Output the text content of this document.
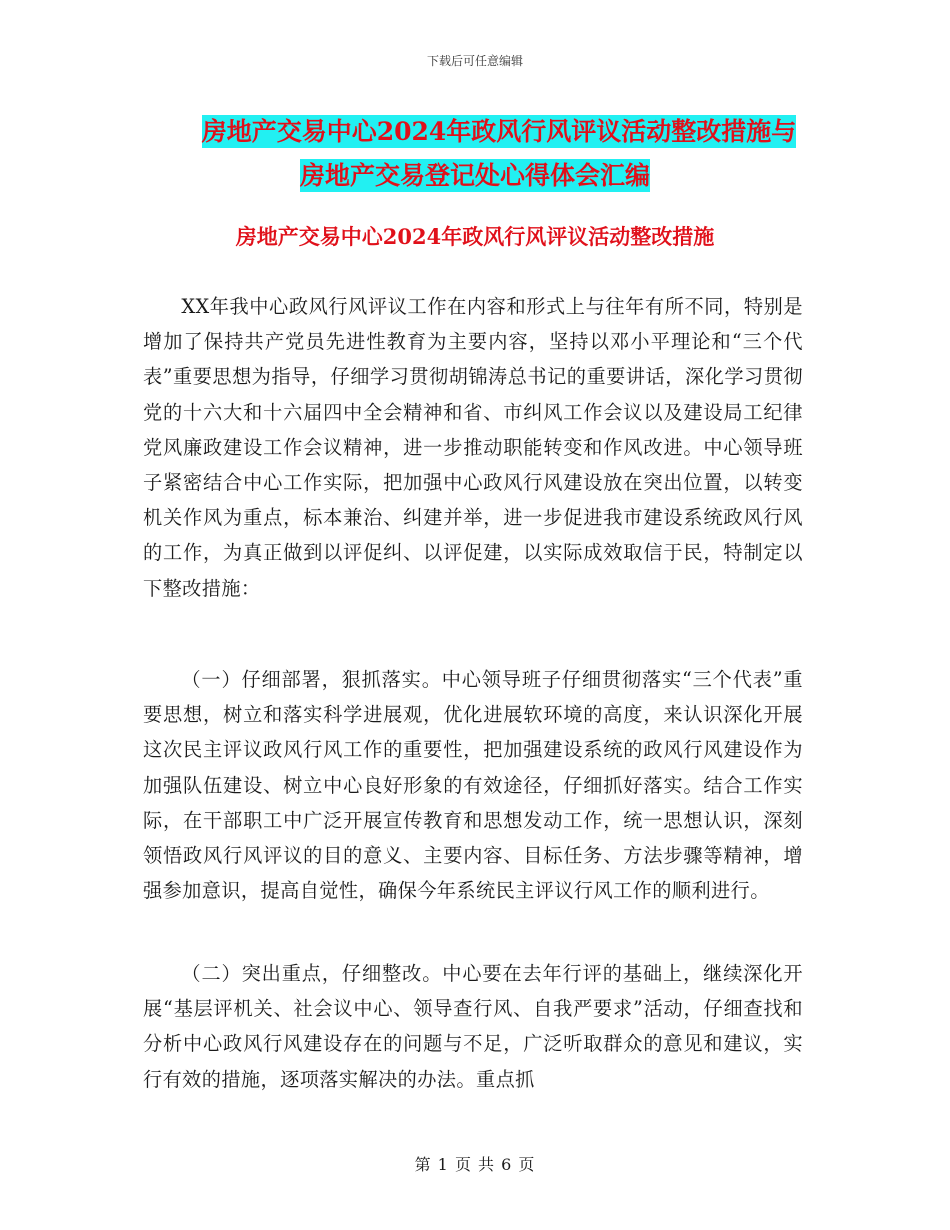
下载后可任意编辑
房地产交易中心2024年政风行风评议活动整改措施与
房地产交易登记处心得体会汇编
房地产交易中心2024年政风行风评议活动整改措施

XX年我中心政风行风评议工作在内容和形式上与往年有所不同，特别是增加了保持共产党员先进性教育为主要内容，坚持以邓小平理论和“三个代表”重要思想为指导，仔细学习贯彻胡锦涛总书记的重要讲话，深化学习贯彻党的十六大和十六届四中全会精神和省、市纠风工作会议以及建设局工纪律党风廉政建设工作会议精神，进一步推动职能转变和作风改进。中心领导班子紧密结合中心工作实际，把加强中心政风行风建设放在突出位置，以转变机关作风为重点，标本兼治、纠建并举，进一步促进我市建设系统政风行风的工作，为真正做到以评促纠、以评促建，以实际成效取信于民，特制定以下整改措施：

（一）仔细部署，狠抓落实。中心领导班子仔细贯彻落实“三个代表”重要思想，树立和落实科学进展观，优化进展软环境的高度，来认识深化开展这次民主评议政风行风工作的重要性，把加强建设系统的政风行风建设作为加强队伍建设、树立中心良好形象的有效途径，仔细抓好落实。结合工作实际，在干部职工中广泛开展宣传教育和思想发动工作，统一思想认识，深刻领悟政风行风评议的目的意义、主要内容、目标任务、方法步骤等精神，增强参加意识，提高自觉性，确保今年系统民主评议行风工作的顺利进行。

（二）突出重点，仔细整改。中心要在去年行评的基础上，继续深化开展“基层评机关、社会议中心、领导查行风、自我严要求”活动，仔细查找和分析中心政风行风建设存在的问题与不足，广泛听取群众的意见和建议，实行有效的措施，逐项落实解决的办法。重点抓

第 1 页 共 6 页
